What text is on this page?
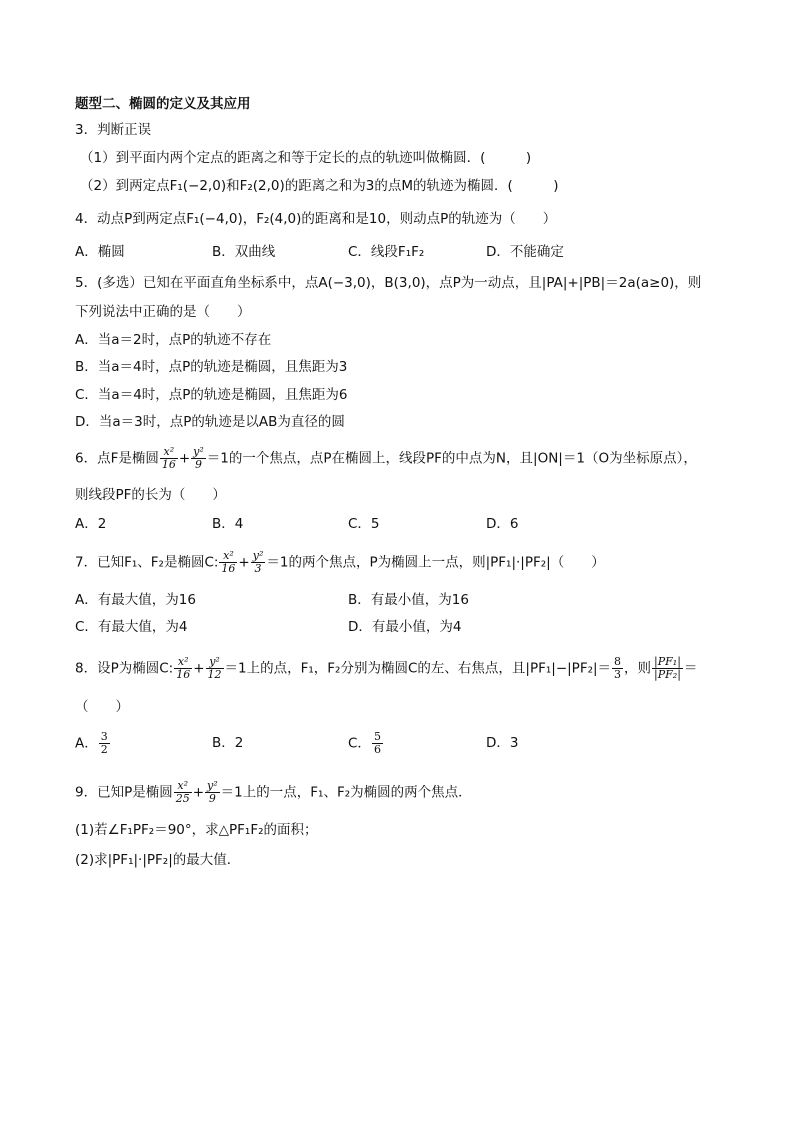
题型二、椭圆的定义及其应用
3．判断正误
（1）到平面内两个定点的距离之和等于定长的点的轨迹叫做椭圆．(　　　)
（2）到两定点F₁(−2,0)和F₂(2,0)的距离之和为3的点M的轨迹为椭圆．(　　　)
4．动点P到两定点F₁(−4,0)，F₂(4,0)的距离和是10，则动点P的轨迹为（　　）
A．椭圆	B．双曲线	C．线段F₁F₂	D．不能确定
5．(多选）已知在平面直角坐标系中，点A(−3,0)，B(3,0)，点P为一动点，且|PA|+|PB|＝2a(a≥0)，则
下列说法中正确的是（　　）
A．当a＝2时，点P的轨迹不存在
B．当a＝4时，点P的轨迹是椭圆，且焦距为3
C．当a＝4时，点P的轨迹是椭圆，且焦距为6
D．当a＝3时，点P的轨迹是以AB为直径的圆
6．点F是椭圆 $\frac{\text{x²}}{16} + \frac{\text{y²}}{9} =1$的一个焦点，点P在椭圆上，线段PF的中点为N，且|ON|＝1（O为坐标原点），
则线段PF的长为（　　）
A．2	B．4	C．5	D．6
7．已知F₁、F₂是椭圆C: $\frac{\text{x²}}{16} + \frac{\text{y²}}{3} =1$的两个焦点，P为椭圆上一点，则|PF₁|·|PF₂|（　　）
A．有最大值，为16	B．有最小值，为16
C．有最大值，为4	D．有最小值，为4
8．设P为椭圆C: $\frac{\text{x²}}{16} + \frac{\text{y²}}{12} =1$上的点，F₁，F₂分别为椭圆C的左、右焦点，且$|PF_1|-|PF_2|= \frac{8}{3}$ ，则 $\frac{\text{|PF₁|}}{\text{|PF₂|}}$ ＝
（　　）
A． $\frac{3}{2}$	B．2	C． $\frac{5}{6}$	D．3
9．已知P是椭圆 $\frac{\text{x²}}{25} + \frac{\text{y²}}{9} =1$上的一点，F₁、F₂为椭圆的两个焦点．
(1)若∠F₁PF₂＝90°，求△PF₁F₂的面积；
(2)求|PF₁|·|PF₂|的最大值．
